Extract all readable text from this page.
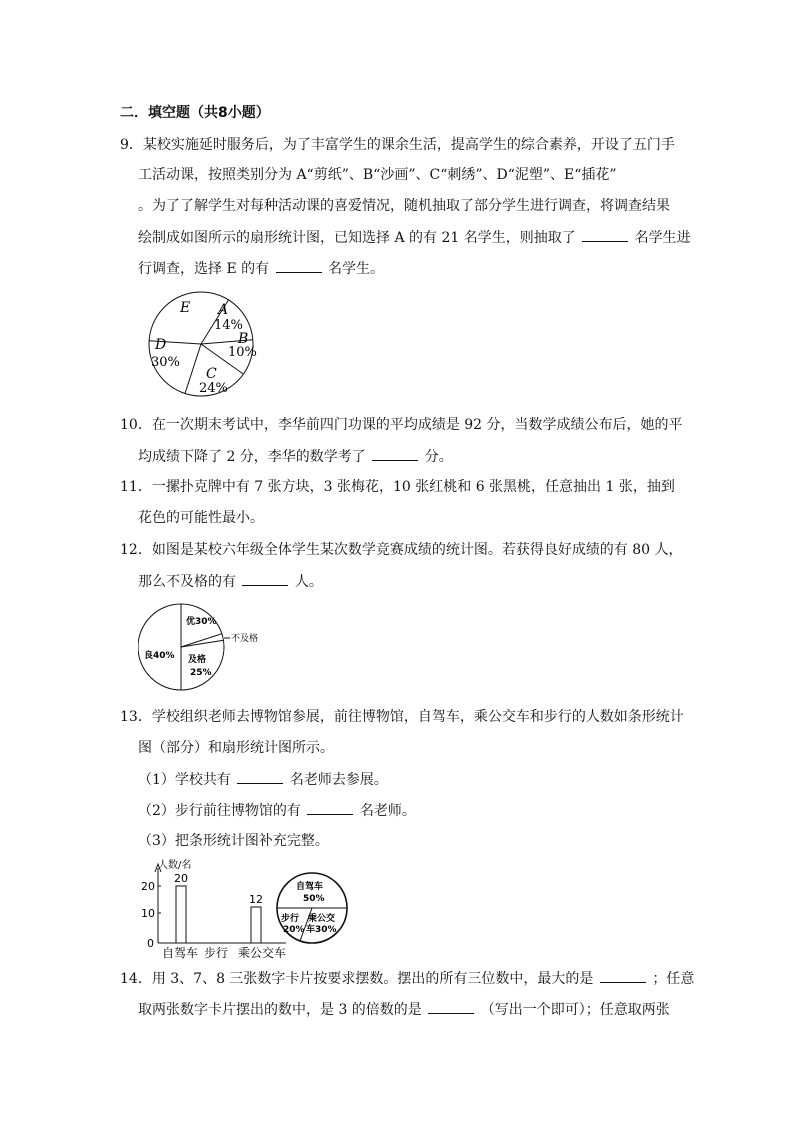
二．填空题（共8小题）
9．某校实施延时服务后，为了丰富学生的课余生活，提高学生的综合素养，开设了五门手
工活动课，按照类别分为 A“剪纸”、B“沙画”、C“刺绣”、D“泥塑”、E“插花”
。为了了解学生对每种活动课的喜爱情况，随机抽取了部分学生进行调查，将调查结果
绘制成如图所示的扇形统计图，已知选择 A 的有 21 名学生，则抽取了	名学生进
行调查，选择 E 的有	名学生。
E A
14%
B
10%
D
30%
C
24%
10．在一次期末考试中，李华前四门功课的平均成绩是 92 分，当数学成绩公布后，她的平
均成绩下降了 2 分，李华的数学考了	分。
11．一摞扑克牌中有 7 张方块，3 张梅花，10 张红桃和 6 张黑桃，任意抽出 1 张，抽到
花色的可能性最小。
12．如图是某校六年级全体学生某次数学竞赛成绩的统计图。若获得良好成绩的有 80 人，
那么不及格的有	人。
优30%
不及格
良40% 及格
25%
13．学校组织老师去博物馆参展，前往博物馆，自驾车，乘公交车和步行的人数如条形统计
图（部分）和扇形统计图所示。
（1）学校共有	名老师去参展。
（2）步行前往博物馆的有	名老师。
（3）把条形统计图补充完整。
人数/名
20
10
0
20
12
自驾车 步行 乘公交车
自驾车
50%
步行
20%
乘公交
车30%
14．用 3、7、8 三张数字卡片按要求摆数。摆出的所有三位数中，最大的是	；任意
取两张数字卡片摆出的数中，是 3 的倍数的是	（写出一个即可）；任意取两张
